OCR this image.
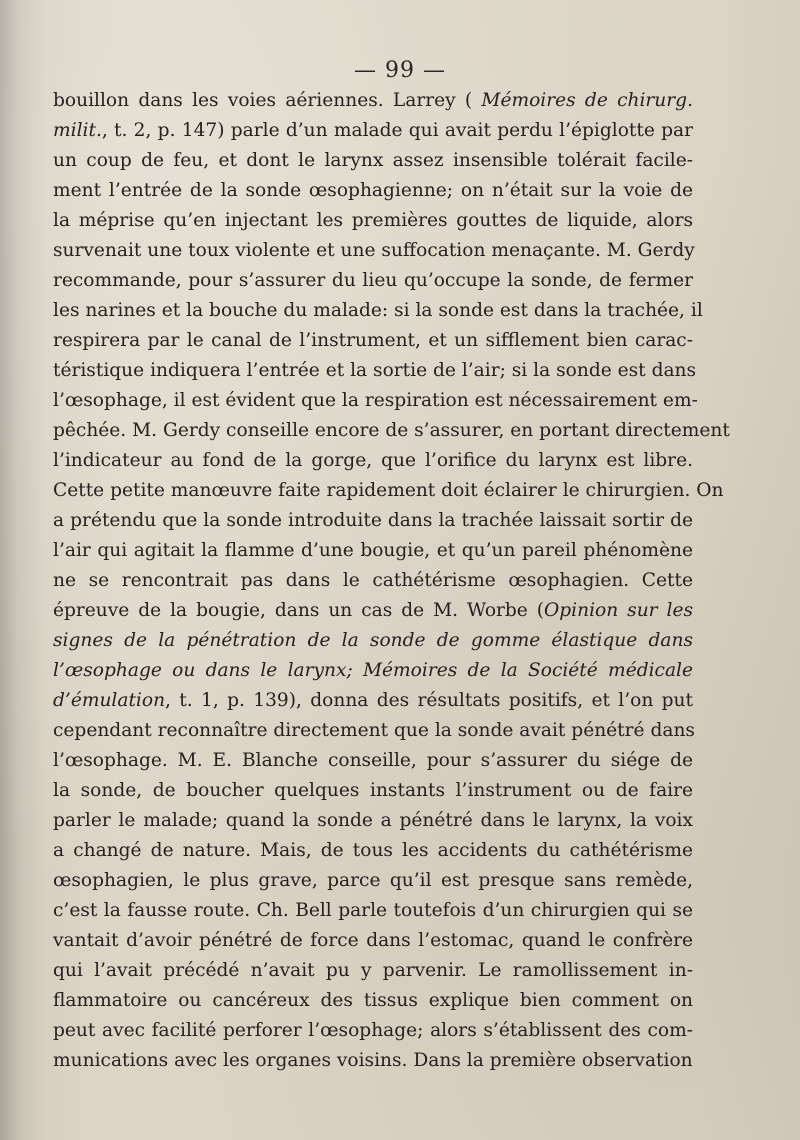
— 99 —
bouillon dans les voies aériennes. Larrey ( Mémoires de chirurg.
milit., t. 2, p. 147) parle d’un malade qui avait perdu l’épiglotte par
un coup de feu, et dont le larynx assez insensible tolérait facile-
ment l’entrée de la sonde œsophagienne; on n’était sur la voie de
la méprise qu’en injectant les premières gouttes de liquide, alors
survenait une toux violente et une suffocation menaçante. M. Gerdy
recommande, pour s’assurer du lieu qu’occupe la sonde, de fermer
les narines et la bouche du malade: si la sonde est dans la trachée, il
respirera par le canal de l’instrument, et un sifflement bien carac-
téristique indiquera l’entrée et la sortie de l’air; si la sonde est dans
l’œsophage, il est évident que la respiration est nécessairement em-
pêchée. M. Gerdy conseille encore de s’assurer, en portant directement
l’indicateur au fond de la gorge, que l’orifice du larynx est libre.
Cette petite manœuvre faite rapidement doit éclairer le chirurgien. On
a prétendu que la sonde introduite dans la trachée laissait sortir de
l’air qui agitait la flamme d’une bougie, et qu’un pareil phénomène
ne se rencontrait pas dans le cathétérisme œsophagien. Cette
épreuve de la bougie, dans un cas de M. Worbe (Opinion sur les
signes de la pénétration de la sonde de gomme élastique dans
l’œsophage ou dans le larynx; Mémoires de la Société médicale
d’émulation, t. 1, p. 139), donna des résultats positifs, et l’on put
cependant reconnaître directement que la sonde avait pénétré dans
l’œsophage. M. E. Blanche conseille, pour s’assurer du siége de
la sonde, de boucher quelques instants l’instrument ou de faire
parler le malade; quand la sonde a pénétré dans le larynx, la voix
a changé de nature. Mais, de tous les accidents du cathétérisme
œsophagien, le plus grave, parce qu’il est presque sans remède,
c’est la fausse route. Ch. Bell parle toutefois d’un chirurgien qui se
vantait d’avoir pénétré de force dans l’estomac, quand le confrère
qui l’avait précédé n’avait pu y parvenir. Le ramollissement in-
flammatoire ou cancéreux des tissus explique bien comment on
peut avec facilité perforer l’œsophage; alors s’établissent des com-
munications avec les organes voisins. Dans la première observation
